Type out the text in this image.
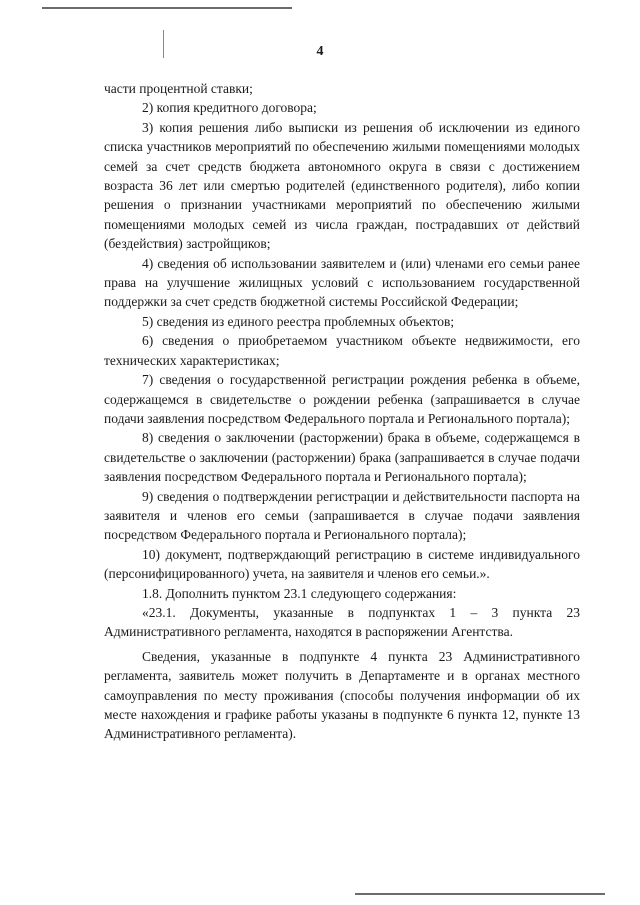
4

части процентной ставки;

2) копия кредитного договора;

3) копия решения либо выписки из решения об исключении из единого списка участников мероприятий по обеспечению жилыми помещениями молодых семей за счет средств бюджета автономного округа в связи с достижением возраста 36 лет или смертью родителей (единственного родителя), либо копии решения о признании участниками мероприятий по обеспечению жилыми помещениями молодых семей из числа граждан, пострадавших от действий (бездействия) застройщиков;

4) сведения об использовании заявителем и (или) членами его семьи ранее права на улучшение жилищных условий с использованием государственной поддержки за счет средств бюджетной системы Российской Федерации;

5) сведения из единого реестра проблемных объектов;

6) сведения о приобретаемом участником объекте недвижимости, его технических характеристиках;

7) сведения о государственной регистрации рождения ребенка в объеме, содержащемся в свидетельстве о рождении ребенка (запрашивается в случае подачи заявления посредством Федерального портала и Регионального портала);

8) сведения о заключении (расторжении) брака в объеме, содержащемся в свидетельстве о заключении (расторжении) брака (запрашивается в случае подачи заявления посредством Федерального портала и Регионального портала);

9) сведения о подтверждении регистрации и действительности паспорта на заявителя и членов его семьи (запрашивается в случае подачи заявления посредством Федерального портала и Регионального портала);

10) документ, подтверждающий регистрацию в системе индивидуального (персонифицированного) учета, на заявителя и членов его семьи.».

1.8. Дополнить пунктом 23.1 следующего содержания:

«23.1. Документы, указанные в подпунктах 1 – 3 пункта 23 Административного регламента, находятся в распоряжении Агентства.

Сведения, указанные в подпункте 4 пункта 23 Административного регламента, заявитель может получить в Департаменте и в органах местного самоуправления по месту проживания (способы получения информации об их месте нахождения и графике работы указаны в подпункте 6 пункта 12, пункте 13 Административного регламента).
